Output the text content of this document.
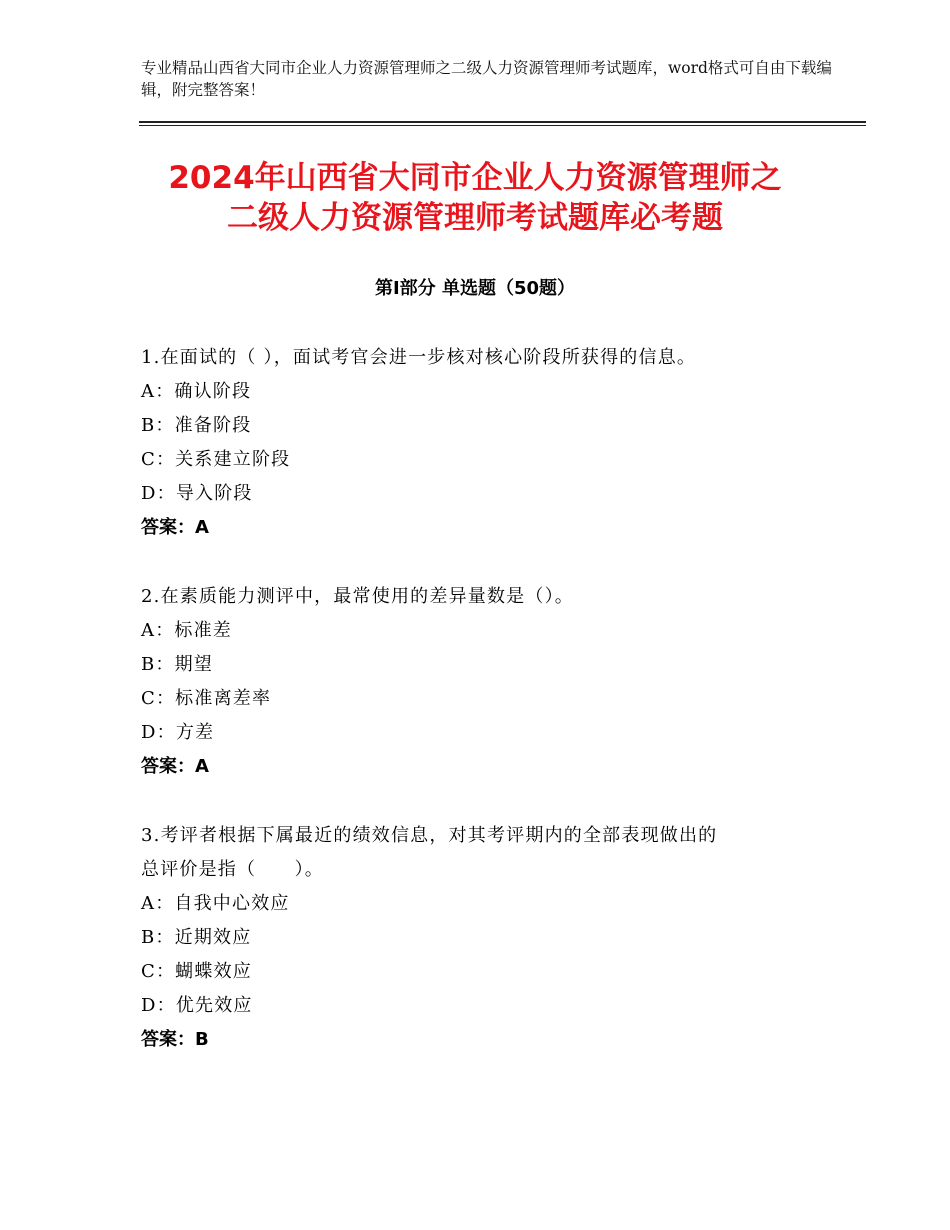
专业精品山西省大同市企业人力资源管理师之二级人力资源管理师考试题库，word格式可自由下载编辑，附完整答案！
2024年山西省大同市企业人力资源管理师之
二级人力资源管理师考试题库必考题
第Ⅰ部分 单选题（50题）
1.在面试的（ ），面试考官会进一步核对核心阶段所获得的信息。
A：确认阶段
B：准备阶段
C：关系建立阶段
D：导入阶段
答案：A
2.在素质能力测评中，最常使用的差异量数是（）。
A：标准差
B：期望
C：标准离差率
D：方差
答案：A
3.考评者根据下属最近的绩效信息，对其考评期内的全部表现做出的
总评价是指（　　）。
A：自我中心效应
B：近期效应
C：蝴蝶效应
D：优先效应
答案：B
